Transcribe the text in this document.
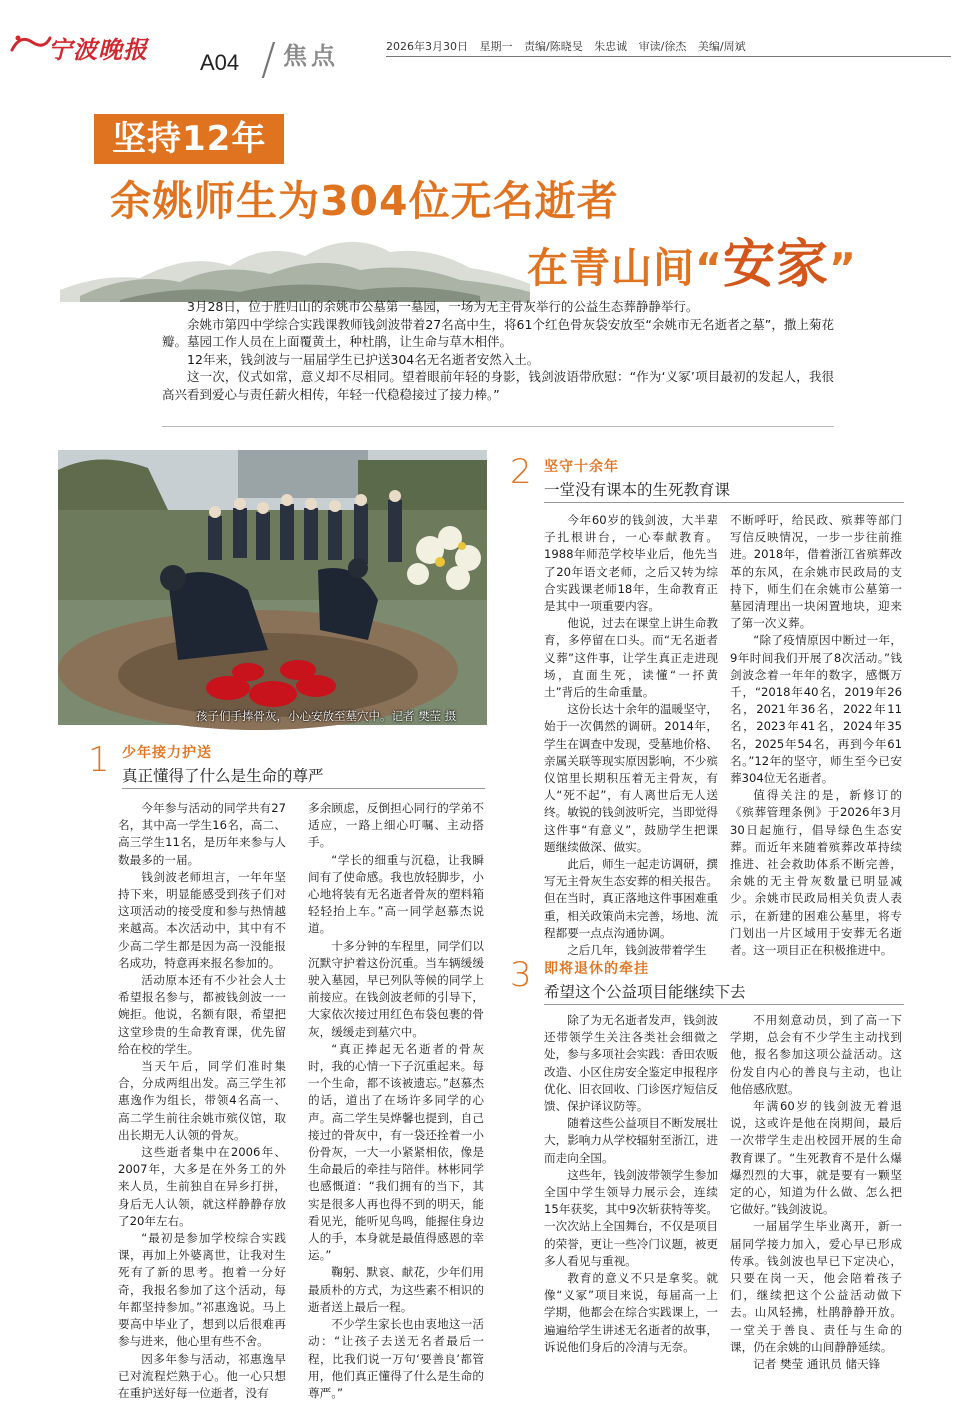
宁波晚报 A04 / 焦点	2026年3月30日 星期一 责编/陈晓旻 朱忠诚 审读/徐杰 美编/周斌
坚持12年
余姚师生为304位无名逝者
在青山间“安家”

3月28日，位于胜归山的余姚市公墓第一墓园，一场为无主骨灰举行的公益生态葬静静举行。

余姚市第四中学综合实践课教师钱剑波带着27名高中生，将61个红色骨灰袋安放至“余姚市无名逝者之墓”，撒上菊花瓣。墓园工作人员在上面覆黄土，种杜鹃，让生命与草木相伴。

12年来，钱剑波与一届届学生已护送304名无名逝者安然入土。

这一次，仪式如常，意义却不尽相同。望着眼前年轻的身影，钱剑波语带欣慰：“作为‘义冢’项目最初的发起人，我很高兴看到爱心与责任薪火相传，年轻一代稳稳接过了接力棒。”

孩子们手捧骨灰，小心安放至墓穴中。记者 樊莹 摄
1 少年接力护送
真正懂得了什么是生命的尊严

今年参与活动的同学共有27名，其中高一学生16名，高二、高三学生11名，是历年来参与人数最多的一届。

钱剑波老师坦言，一年年坚持下来，明显能感受到孩子们对这项活动的接受度和参与热情越来越高。本次活动中，其中有不少高二学生都是因为高一没能报名成功，特意再来报名参加的。

活动原本还有不少社会人士希望报名参与，都被钱剑波一一婉拒。他说，名额有限，希望把这堂珍贵的生命教育课，优先留给在校的学生。

当天午后，同学们准时集合，分成两组出发。高三学生祁惠逸作为组长，带领4名高一、高二学生前往余姚市殡仪馆，取出长期无人认领的骨灰。

这些逝者集中在2006年、2007年，大多是在外务工的外来人员，生前独自在异乡打拼，身后无人认领，就这样静静存放了20年左右。

“最初是参加学校综合实践课，再加上外婆离世，让我对生死有了新的思考。抱着一分好奇，我报名参加了这个活动，每年都坚持参加。”祁惠逸说。马上要高中毕业了，想到以后很难再参与进来，他心里有些不舍。

因多年参与活动，祁惠逸早已对流程烂熟于心。他一心只想在重护送好每一位逝者，没有

多余顾虑，反倒担心同行的学弟不适应，一路上细心叮嘱、主动搭手。

“学长的细重与沉稳，让我瞬间有了使命感。我也放轻脚步，小心地将装有无名逝者骨灰的塑料箱轻轻抬上车。”高一同学赵慕杰说道。

十多分钟的车程里，同学们以沉默守护着这份沉重。当车辆缓缓驶入墓园，早已列队等候的同学上前接应。在钱剑波老师的引导下，大家依次接过用红色布袋包裹的骨灰，缓缓走到墓穴中。

“真正捧起无名逝者的骨灰时，我的心情一下子沉重起来。每一个生命，都不该被遗忘。”赵慕杰的话，道出了在场许多同学的心声。高二学生吴烨馨也提到，自己接过的骨灰中，有一袋还拴着一小份骨灰，一大一小紧紧相依，像是生命最后的牵挂与陪伴。林彬同学也感慨道：“我们拥有的当下，其实是很多人再也得不到的明天，能看见光，能听见鸟鸣，能握住身边人的手，本身就是最值得感恩的幸运。”

鞠躬、默哀、献花，少年们用最质朴的方式，为这些素不相识的逝者送上最后一程。

不少学生家长也由衷地这一活动：“让孩子去送无名者最后一程，比我们说一万句‘要善良’都管用，他们真正懂得了什么是生命的尊严。”

2 坚守十余年
一堂没有课本的生死教育课

今年60岁的钱剑波，大半辈子扎根讲台，一心奉献教育。1988年师范学校毕业后，他先当了20年语文老师，之后又转为综合实践课老师18年，生命教育正是其中一项重要内容。

他说，过去在课堂上讲生命教育，多停留在口头。而“无名逝者义葬”这件事，让学生真正走进现场，直面生死，读懂“一抔黄土”背后的生命重量。

这份长达十余年的温暖坚守，始于一次偶然的调研。2014年，学生在调查中发现，受墓地价格、亲属关联等现实原因影响，不少殡仪馆里长期积压着无主骨灰，有人“死不起”，有人离世后无人送终。敏锐的钱剑波听完，当即觉得这件事“有意义”，鼓励学生把课题继续做深、做实。

此后，师生一起走访调研，撰写无主骨灰生态安葬的相关报告。但在当时，真正落地这件事困难重重，相关政策尚未完善，场地、流程都要一点点沟通协调。

之后几年，钱剑波带着学生

不断呼吁，给民政、殡葬等部门写信反映情况，一步一步往前推进。2018年，借着浙江省殡葬改革的东风，在余姚市民政局的支持下，师生们在余姚市公墓第一墓园清理出一块闲置地块，迎来了第一次义葬。

“除了疫情原因中断过一年，9年时间我们开展了8次活动。”钱剑波念着一年年的数字，感慨万千，“2018年40名，2019年26名，2021年36名，2022年11名，2023年41名，2024年35名，2025年54名，再到今年61名。”12年的坚守，师生至今已安葬304位无名逝者。

值得关注的是，新修订的《殡葬管理条例》于2026年3月30日起施行，倡导绿色生态安葬。而近年来随着殡葬改革持续推进、社会救助体系不断完善，余姚的无主骨灰数量已明显减少。余姚市民政局相关负责人表示，在新建的困难公墓里，将专门划出一片区域用于安葬无名逝者。这一项目正在积极推进中。

3 即将退休的牵挂
希望这个公益项目能继续下去

除了为无名逝者发声，钱剑波还带领学生关注各类社会细微之处，参与多项社会实践：香田农贩改造、小区住房安全鉴定申报程序优化、旧衣回收、门诊医疗短信反馈、保护译议防等。

随着这些公益项目不断发展壮大，影响力从学校辐射至浙江，进而走向全国。

这些年，钱剑波带领学生参加全国中学生领导力展示会，连续15年获奖，其中9次斩获特等奖。一次次站上全国舞台，不仅是项目的荣誉，更让一些冷门议题，被更多人看见与重视。

教育的意义不只是拿奖。就像“义冢”项目来说，每届高一上学期，他都会在综合实践课上，一遍遍给学生讲述无名逝者的故事，诉说他们身后的冷清与无奈。

不用刻意动员，到了高一下学期，总会有不少学生主动找到他，报名参加这项公益活动。这份发自内心的善良与主动，也让他倍感欣慰。

年满60岁的钱剑波无着退说，这或许是他在岗期间，最后一次带学生走出校园开展的生命教育课了。“生死教育不是什么爆爆烈烈的大事，就是要有一颗坚定的心，知道为什么做、怎么把它做好。”钱剑波说。

一届届学生毕业离开，新一届同学接力加入，爱心早已形成传承。钱剑波也早已下定决心，只要在岗一天，他会陪着孩子们，继续把这个公益活动做下去。山风轻拂，杜鹃静静开放。一堂关于善良、责任与生命的课，仍在余姚的山间静静延续。

记者 樊莹 通讯员 储天锋
